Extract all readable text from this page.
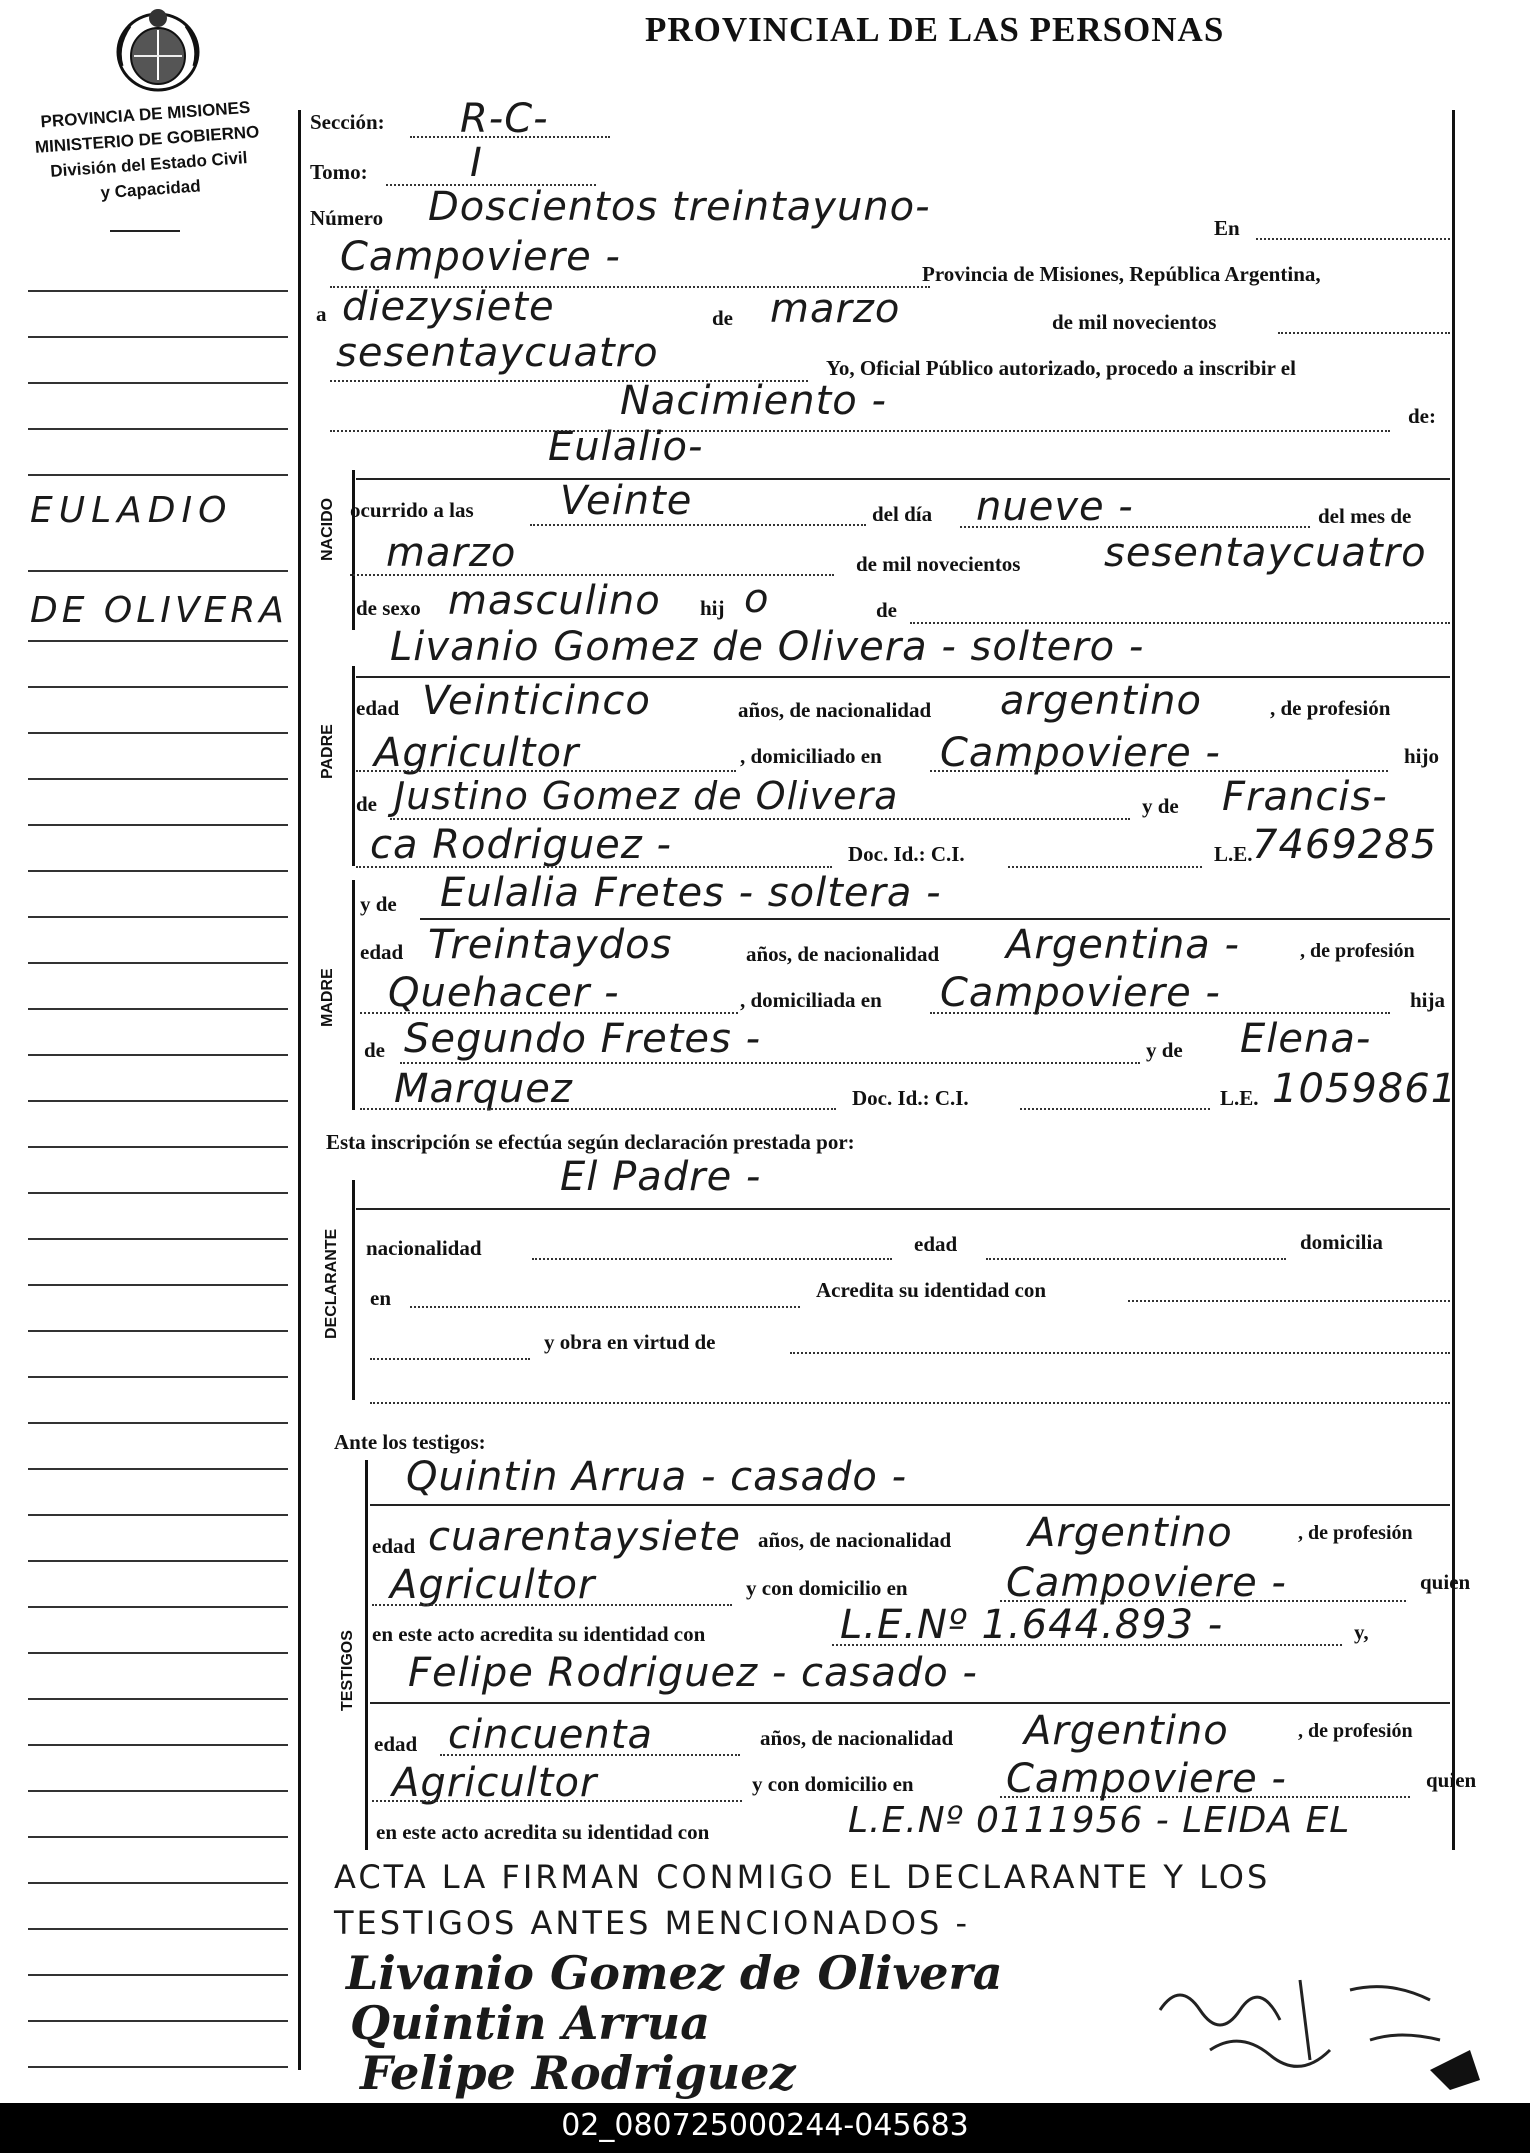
PROVINCIAL DE LAS PERSONAS
PROVINCIA DE MISIONES
MINISTERIO DE GOBIERNO
División del Estado Civil
y Capacidad
EULADIO
DE OLIVERA
NACIDO
PADRE
MADRE
DECLARANTE
TESTIGOS
Sección: R-C-
Tomo:	I
Número Doscientos treintayuno-	En
Campoviere -	Provincia de Misiones, República Argentina,
a diezysiete	de marzo	de mil novecientos
sesentaycuatro	Yo, Oficial Público autorizado, procedo a inscribir el
Nacimiento -	de:
Eulalio-
ocurrido a las Veinte	del día nueve -	del mes de
marzo	de mil novecientos sesentaycuatro
de sexo masculino hij o	de
Livanio Gomez de Olivera - soltero -
edad Veinticinco	años, de nacionalidad argentino	, de profesión
Agricultor	, domiciliado en Campoviere -	hijo
de Justino Gomez de Olivera	y de Francis-
ca Rodriguez -	Doc. Id.: C.I.	L.E. 7469285
y de Eulalia Fretes - soltera -
edad Treintaydos	años, de nacionalidad Argentina -	, de profesión
Quehacer -	, domiciliada en Campoviere -	hija
de Segundo Fretes -	y de Elena-
Marquez	Doc. Id.: C.I.	L.E. 1059861
Esta inscripción se efectúa según declaración prestada por:
El Padre -
nacionalidad	edad	domicilia
en	Acredita su identidad con
y obra en virtud de
Ante los testigos:
Quintin Arrua - casado -
edad cuarentaysiete años, de nacionalidad Argentino	, de profesión
Agricultor	y con domicilio en Campoviere -	quien
en este acto acredita su identidad con	L.E.Nº 1.644.893 -	y,
Felipe Rodriguez - casado -
edad cincuenta	años, de nacionalidad Argentino	, de profesión
Agricultor	y con domicilio en Campoviere -	quien
en este acto acredita su identidad con	L.E.Nº 0111956 - LEIDA EL
ACTA LA FIRMAN CONMIGO EL DECLARANTE Y LOS
TESTIGOS ANTES MENCIONADOS -
Livanio Gomez de Olivera
Quintin Arrua
Felipe Rodriguez
02_080725000244-045683
